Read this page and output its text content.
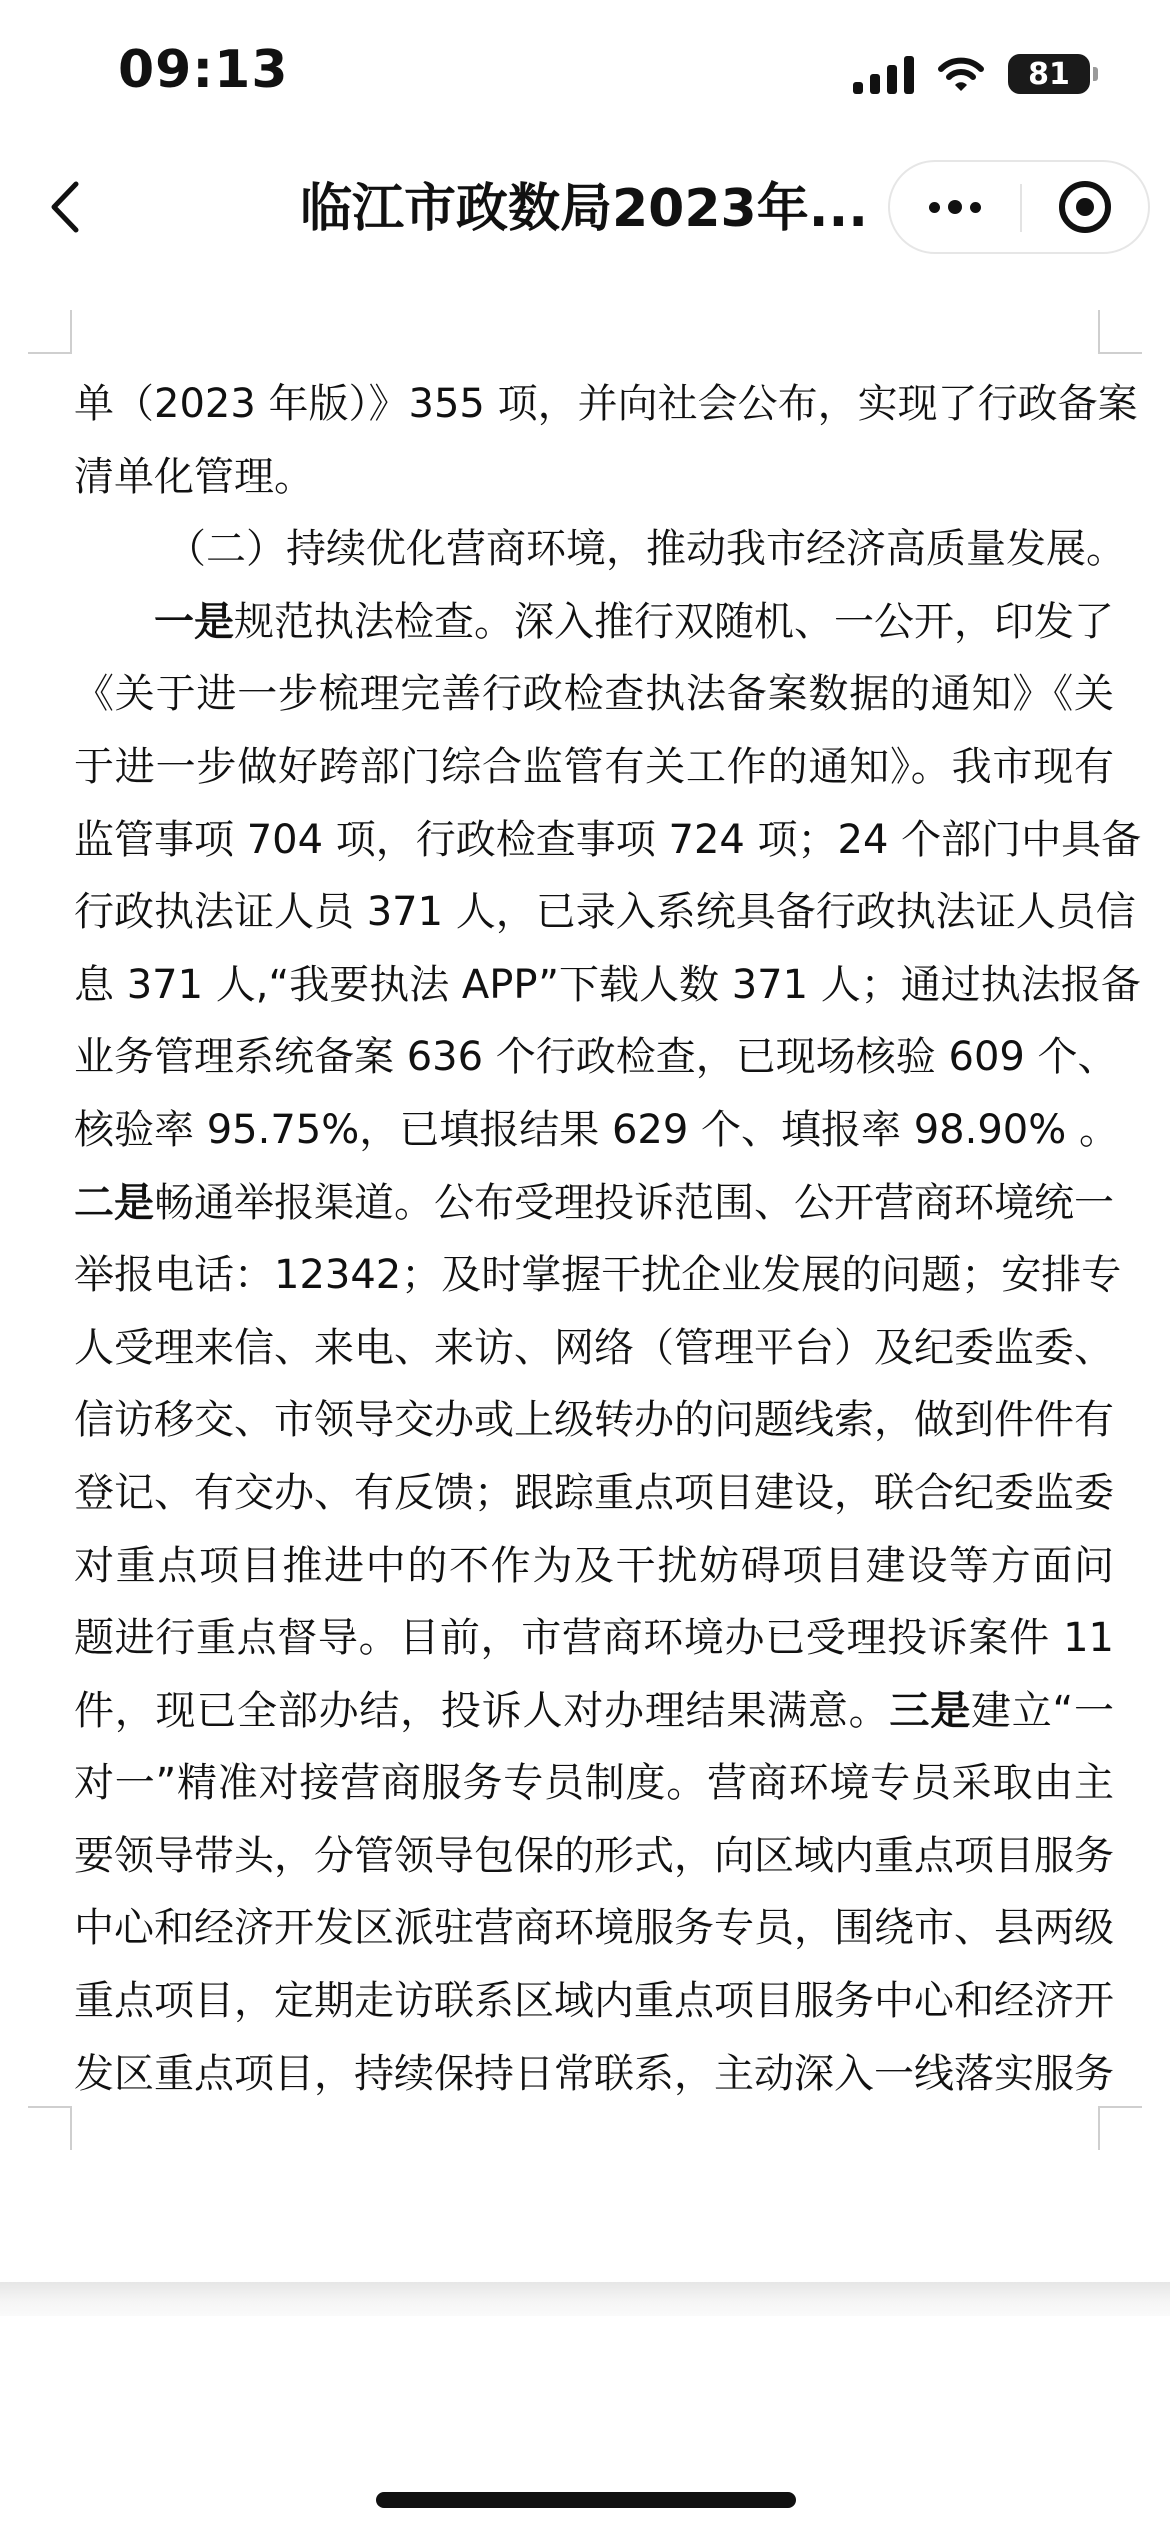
09:13	81
临江市政数局2023年...
单（2023 年版）》355 项，并向社会公布，实现了行政备案
清单化管理。
（二）持续优化营商环境，推动我市经济高质量发展。
一是规范执法检查。深入推行双随机、一公开，印发了
《关于进一步梳理完善行政检查执法备案数据的通知》《关
于进一步做好跨部门综合监管有关工作的通知》。我市现有
监管事项 704 项，行政检查事项 724 项；24 个部门中具备
行政执法证人员 371 人，已录入系统具备行政执法证人员信
息 371 人,“我要执法 APP”下载人数 371 人；通过执法报备
业务管理系统备案 636 个行政检查，已现场核验 609 个、
核验率 95.75%，已填报结果 629 个、填报率 98.90% 。
二是畅通举报渠道。公布受理投诉范围、公开营商环境统一
举报电话：12342；及时掌握干扰企业发展的问题；安排专
人受理来信、来电、来访、网络（管理平台）及纪委监委、
信访移交、市领导交办或上级转办的问题线索，做到件件有
登记、有交办、有反馈；跟踪重点项目建设，联合纪委监委
对重点项目推进中的不作为及干扰妨碍项目建设等方面问
题进行重点督导。目前，市营商环境办已受理投诉案件 11
件，现已全部办结，投诉人对办理结果满意。三是建立“一
对一”精准对接营商服务专员制度。营商环境专员采取由主
要领导带头，分管领导包保的形式，向区域内重点项目服务
中心和经济开发区派驻营商环境服务专员，围绕市、县两级
重点项目，定期走访联系区域内重点项目服务中心和经济开
发区重点项目，持续保持日常联系，主动深入一线落实服务
